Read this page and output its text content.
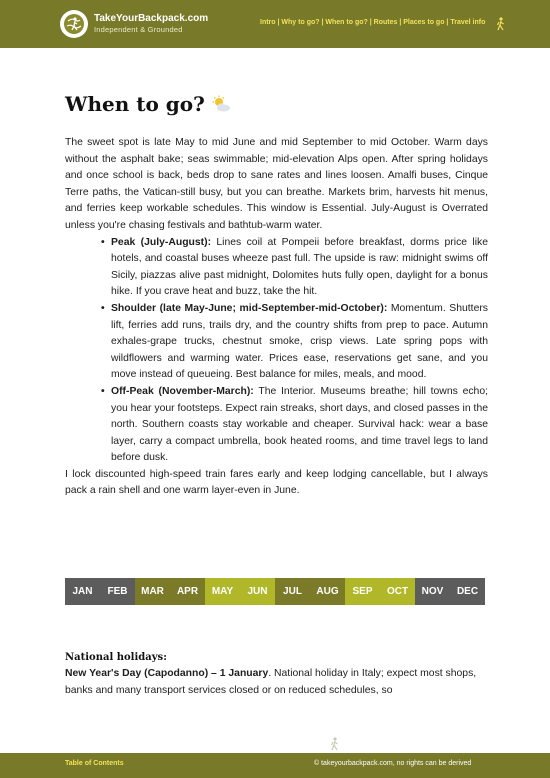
TakeYourBackpack.com
Independent & Grounded
Intro | Why to go? | When to go? | Routes | Places to go | Travel info
When to go?

The sweet spot is late May to mid June and mid September to mid October. Warm days without the asphalt bake; seas swimmable; mid-elevation Alps open. After spring holidays and once school is back, beds drop to sane rates and lines loosen. Amalfi buses, Cinque Terre paths, the Vatican-still busy, but you can breathe. Markets brim, harvests hit menus, and ferries keep workable schedules. This window is Essential. July-August is Overrated unless you're chasing festivals and bathtub-warm water.

• Peak (July-August): Lines coil at Pompeii before breakfast, dorms price like hotels, and coastal buses wheeze past full. The upside is raw: midnight swims off Sicily, piazzas alive past midnight, Dolomites huts fully open, daylight for a bonus hike. If you crave heat and buzz, take the hit.
• Shoulder (late May-June; mid-September-mid-October): Momentum. Shutters lift, ferries add runs, trails dry, and the country shifts from prep to pace. Autumn exhales-grape trucks, chestnut smoke, crisp views. Late spring pops with wildflowers and warming water. Prices ease, reservations get sane, and you move instead of queueing. Best balance for miles, meals, and mood.
• Off-Peak (November-March): The Interior. Museums breathe; hill towns echo; you hear your footsteps. Expect rain streaks, short days, and closed passes in the north. Southern coasts stay workable and cheaper. Survival hack: wear a base layer, carry a compact umbrella, book heated rooms, and time travel legs to land before dusk.

I lock discounted high-speed train fares early and keep lodging cancellable, but I always pack a rain shell and one warm layer-even in June.

JAN	FEB	MAR	APR	MAY	JUN	JUL	AUG	SEP	OCT	NOV	DEC
National holidays:
New Year's Day (Capodanno) – 1 January. National holiday in Italy; expect most shops, banks and many transport services closed or on reduced schedules, so
Table of Contents	© takeyourbackpack.com, no rights can be derived
